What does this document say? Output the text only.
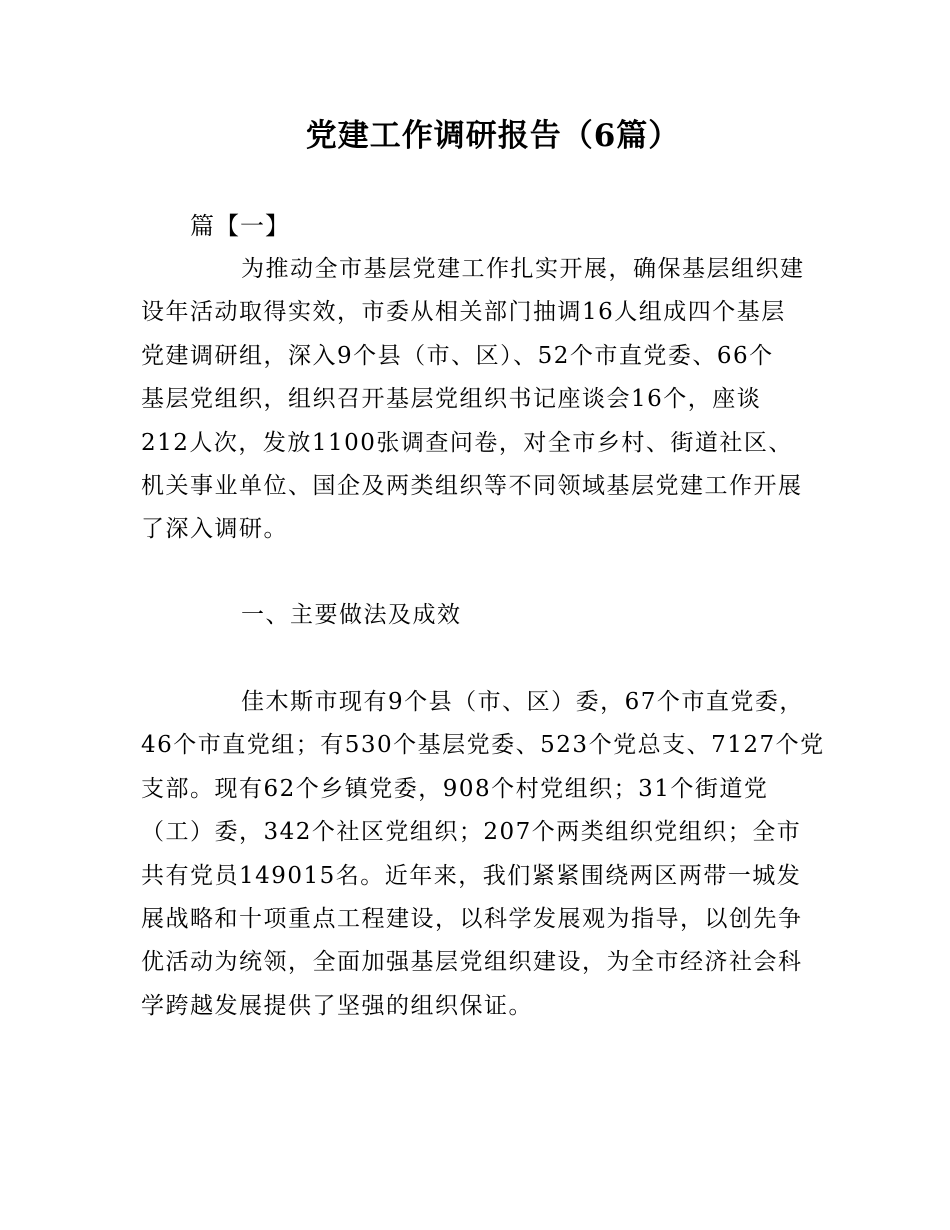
党建工作调研报告（6篇）

篇【一】

为推动全市基层党建工作扎实开展，确保基层组织建
设年活动取得实效，市委从相关部门抽调16人组成四个基层
党建调研组，深入9个县（市、区）、52个市直党委、66个
基层党组织，组织召开基层党组织书记座谈会16个，座谈
212人次，发放1100张调查问卷，对全市乡村、街道社区、
机关事业单位、国企及两类组织等不同领域基层党建工作开展
了深入调研。

一、主要做法及成效

佳木斯市现有9个县（市、区）委，67个市直党委，
46个市直党组；有530个基层党委、523个党总支、7127个党
支部。现有62个乡镇党委，908个村党组织；31个街道党
（工）委，342个社区党组织；207个两类组织党组织；全市
共有党员149015名。近年来，我们紧紧围绕两区两带一城发
展战略和十项重点工程建设，以科学发展观为指导，以创先争
优活动为统领，全面加强基层党组织建设，为全市经济社会科
学跨越发展提供了坚强的组织保证。
